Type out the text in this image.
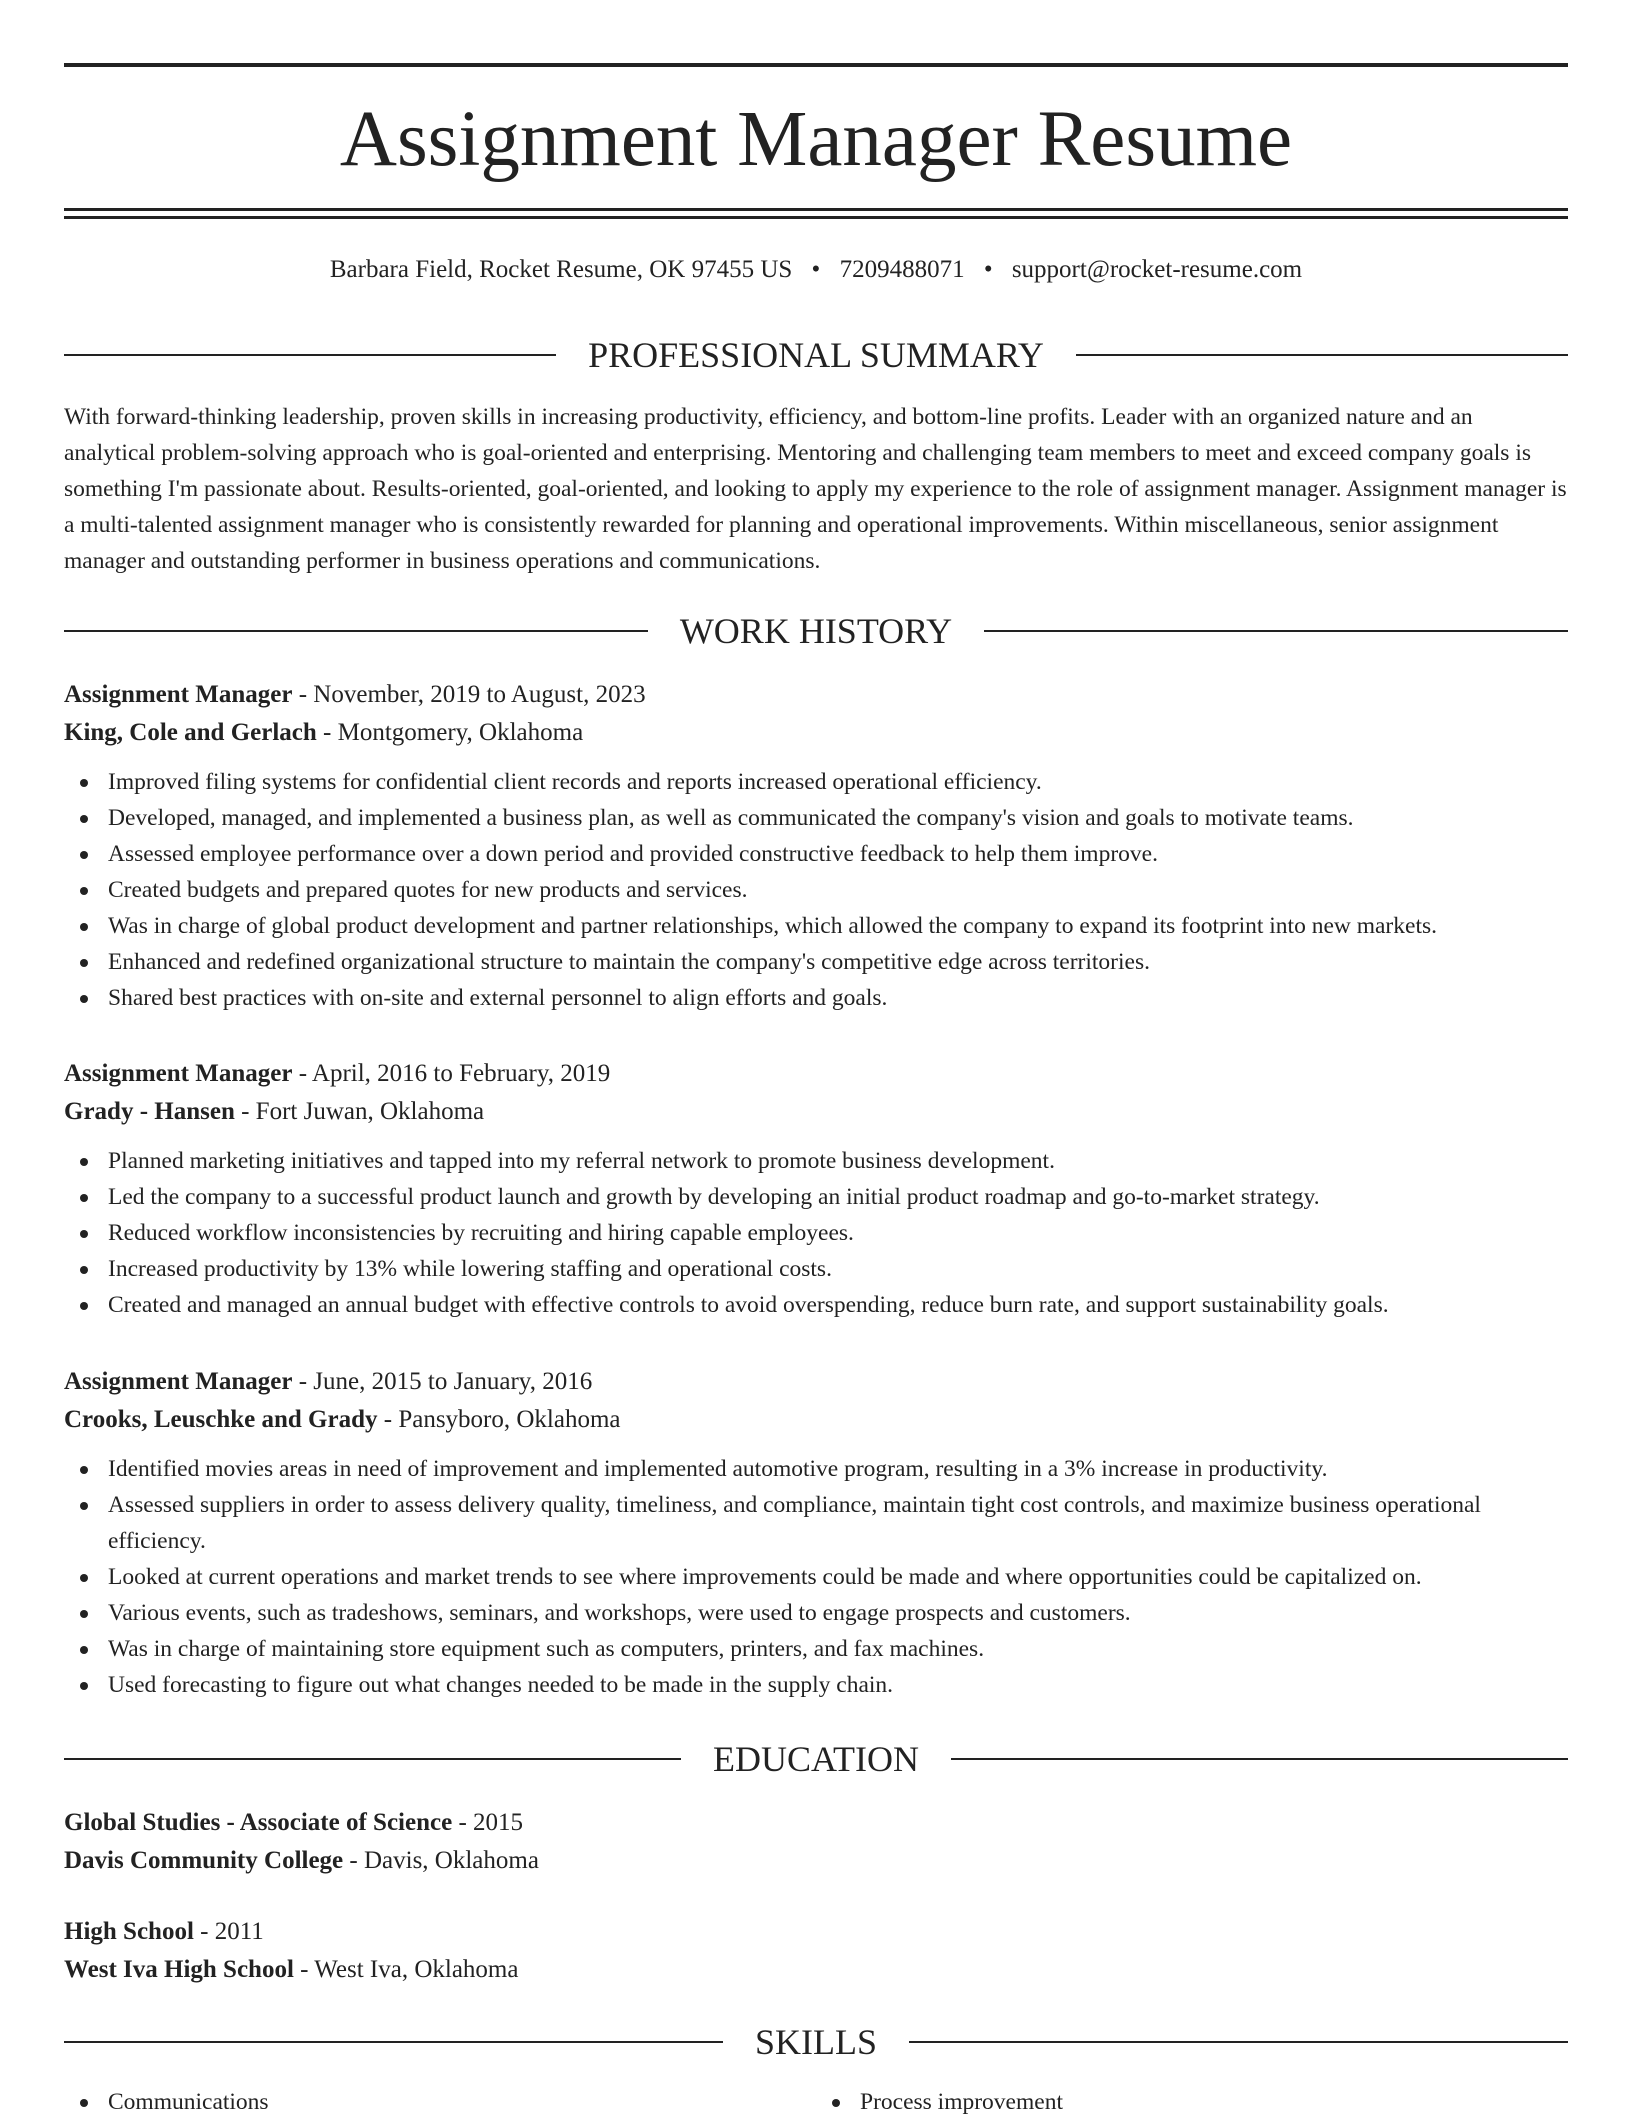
Assignment Manager Resume
Barbara Field, Rocket Resume, OK 97455 US • 7209488071 • support@rocket-resume.com
PROFESSIONAL SUMMARY

With forward-thinking leadership, proven skills in increasing productivity, efficiency, and bottom-line profits. Leader with an organized nature and an analytical problem-solving approach who is goal-oriented and enterprising. Mentoring and challenging team members to meet and exceed company goals is something I'm passionate about. Results-oriented, goal-oriented, and looking to apply my experience to the role of assignment manager. Assignment manager is a multi-talented assignment manager who is consistently rewarded for planning and operational improvements. Within miscellaneous, senior assignment manager and outstanding performer in business operations and communications.

WORK HISTORY
Assignment Manager - November, 2019 to August, 2023
King, Cole and Gerlach - Montgomery, Oklahoma
Improved filing systems for confidential client records and reports increased operational efficiency.
Developed, managed, and implemented a business plan, as well as communicated the company's vision and goals to motivate teams.
Assessed employee performance over a down period and provided constructive feedback to help them improve.
Created budgets and prepared quotes for new products and services.
Was in charge of global product development and partner relationships, which allowed the company to expand its footprint into new markets.
Enhanced and redefined organizational structure to maintain the company's competitive edge across territories.
Shared best practices with on-site and external personnel to align efforts and goals.
Assignment Manager - April, 2016 to February, 2019
Grady - Hansen - Fort Juwan, Oklahoma
Planned marketing initiatives and tapped into my referral network to promote business development.
Led the company to a successful product launch and growth by developing an initial product roadmap and go-to-market strategy.
Reduced workflow inconsistencies by recruiting and hiring capable employees.
Increased productivity by 13% while lowering staffing and operational costs.
Created and managed an annual budget with effective controls to avoid overspending, reduce burn rate, and support sustainability goals.
Assignment Manager - June, 2015 to January, 2016
Crooks, Leuschke and Grady - Pansyboro, Oklahoma
Identified movies areas in need of improvement and implemented automotive program, resulting in a 3% increase in productivity.
Assessed suppliers in order to assess delivery quality, timeliness, and compliance, maintain tight cost controls, and maximize business operational efficiency.
Looked at current operations and market trends to see where improvements could be made and where opportunities could be capitalized on.
Various events, such as tradeshows, seminars, and workshops, were used to engage prospects and customers.
Was in charge of maintaining store equipment such as computers, printers, and fax machines.
Used forecasting to figure out what changes needed to be made in the supply chain.
EDUCATION
Global Studies - Associate of Science - 2015
Davis Community College - Davis, Oklahoma
High School - 2011
West Iva High School - West Iva, Oklahoma
SKILLS
Communications	Process improvement
